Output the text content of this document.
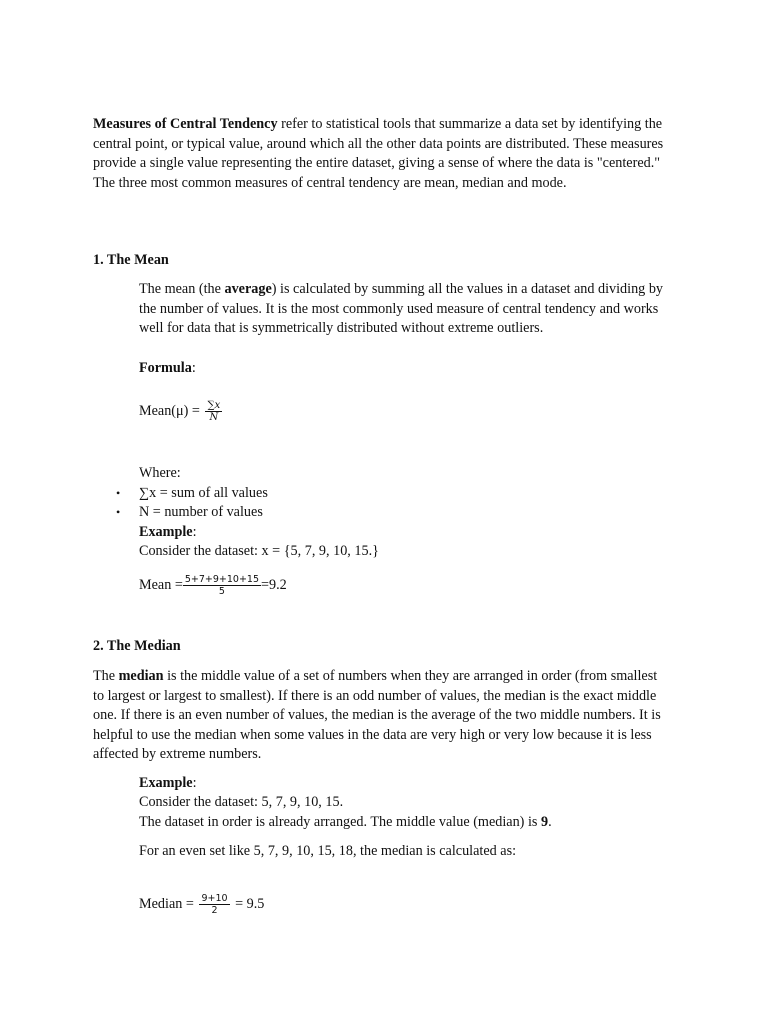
Measures of Central Tendency refer to statistical tools that summarize a data set by identifying the central point, or typical value, around which all the other data points are distributed. These measures provide a single value representing the entire dataset, giving a sense of where the data is "centered." The three most common measures of central tendency are mean, median and mode.
1. The Mean
The mean (the average) is calculated by summing all the values in a dataset and dividing by the number of values. It is the most commonly used measure of central tendency and works well for data that is symmetrically distributed without extreme outliers.
Formula:
Mean(μ) = $\frac{\sum x}{N}$
Where:
• ∑x = sum of all values
• N = number of values
Example:
Consider the dataset: x = {5, 7, 9, 10, 15.}
Mean = $\frac{5+7+9+10+15}{5} =9.2$
2. The Median
The median is the middle value of a set of numbers when they are arranged in order (from smallest to largest or largest to smallest). If there is an odd number of values, the median is the exact middle one. If there is an even number of values, the median is the average of the two middle numbers. It is helpful to use the median when some values in the data are very high or very low because it is less affected by extreme numbers.
Example:
Consider the dataset: 5, 7, 9, 10, 15.
The dataset in order is already arranged. The middle value (median) is 9.
For an even set like 5, 7, 9, 10, 15, 18, the median is calculated as:
Median = $\frac{9+10}{2} = 9.5$
